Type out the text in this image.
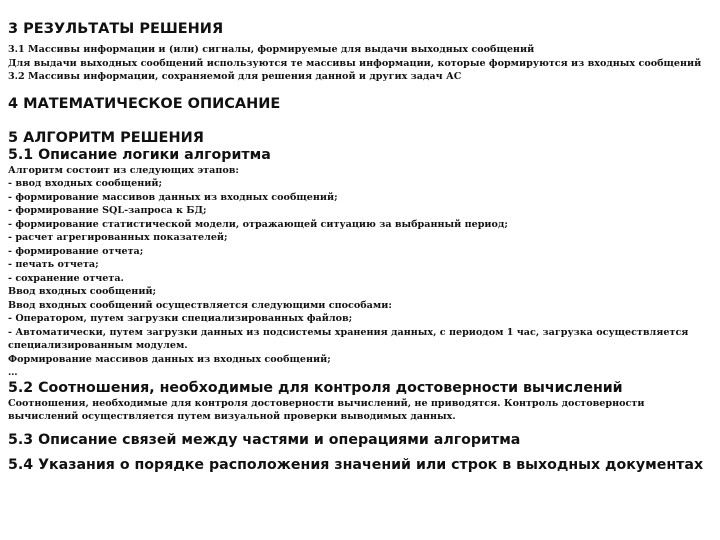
3 РЕЗУЛЬТАТЫ РЕШЕНИЯ
3.1 Массивы информации и (или) сигналы, формируемые для выдачи выходных сообщений
Для выдачи выходных сообщений используются те массивы информации, которые формируются из входных сообщений
3.2 Массивы информации, сохраняемой для решения данной и других задач АС
4 МАТЕМАТИЧЕСКОЕ ОПИСАНИЕ
5 АЛГОРИТМ РЕШЕНИЯ
5.1 Описание логики алгоритма
Алгоритм состоит из следующих этапов:
- ввод входных сообщений;
- формирование массивов данных из входных сообщений;
- формирование SQL-запроса к БД;
- формирование статистической модели, отражающей ситуацию за выбранный период;
- расчет агрегированных показателей;
- формирование отчета;
- печать отчета;
- сохранение отчета.
Ввод входных сообщений;
Ввод входных сообщений осуществляется следующими способами:
- Оператором, путем загрузки специализированных файлов;
- Автоматически, путем загрузки данных из подсистемы хранения данных, с периодом 1 час, загрузка осуществляется специализированным модулем.
Формирование массивов данных из входных сообщений;
…
5.2 Соотношения, необходимые для контроля достоверности вычислений
Соотношения, необходимые для контроля достоверности вычислений, не приводятся. Контроль достоверности вычислений осуществляется путем визуальной проверки выводимых данных.
5.3 Описание связей между частями и операциями алгоритма
5.4 Указания о порядке расположения значений или строк в выходных документах
